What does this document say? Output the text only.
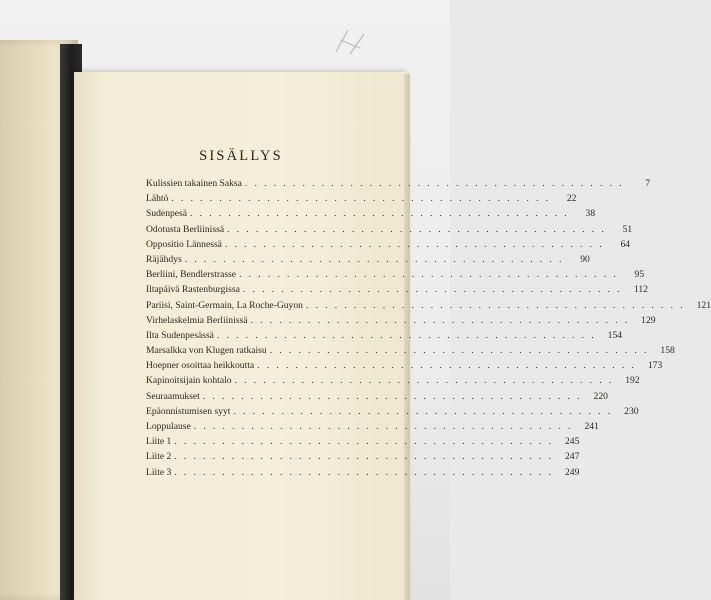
SISÄLLYS
Kulissien takainen Saksa . . . . . . . . . . . . . . . . . . . . . . . . . . . . . . . . . . . . . . . .	7
Lähtö . . . . . . . . . . . . . . . . . . . . . . . . . . . . . . . . . . . . . . . .	22
Sudenpesä . . . . . . . . . . . . . . . . . . . . . . . . . . . . . . . . . . . . . . . .	38
Odotusta Berliinissä . . . . . . . . . . . . . . . . . . . . . . . . . . . . . . . . . . . . . . . .	51
Oppositio Lännessä . . . . . . . . . . . . . . . . . . . . . . . . . . . . . . . . . . . . . . . .	64
Räjähdys . . . . . . . . . . . . . . . . . . . . . . . . . . . . . . . . . . . . . . . .	90
Berliini, Bendlerstrasse . . . . . . . . . . . . . . . . . . . . . . . . . . . . . . . . . . . . . . . .	95
Iltapäivä Rastenburgissa . . . . . . . . . . . . . . . . . . . . . . . . . . . . . . . . . . . . . . . .	112
Pariisi, Saint-Germain, La Roche-Guyon . . . . . . . . . . . . . . . . . . . . . . . . . . . . . . . . . . . . . . . .	121
Virhelaskelmia Berliinissä . . . . . . . . . . . . . . . . . . . . . . . . . . . . . . . . . . . . . . . .	129
Ilta Sudenpesässä . . . . . . . . . . . . . . . . . . . . . . . . . . . . . . . . . . . . . . . .	154
Marsalkka von Klugen ratkaisu . . . . . . . . . . . . . . . . . . . . . . . . . . . . . . . . . . . . . . . .	158
Hoepner osoittaa heikkoutta . . . . . . . . . . . . . . . . . . . . . . . . . . . . . . . . . . . . . . . .	173
Kapinoitsijain kohtalo . . . . . . . . . . . . . . . . . . . . . . . . . . . . . . . . . . . . . . . .	192
Seuraamukset . . . . . . . . . . . . . . . . . . . . . . . . . . . . . . . . . . . . . . . .	220
Epäonnistumisen syyt . . . . . . . . . . . . . . . . . . . . . . . . . . . . . . . . . . . . . . . .	230
Loppulause . . . . . . . . . . . . . . . . . . . . . . . . . . . . . . . . . . . . . . . .	241
Liite 1 . . . . . . . . . . . . . . . . . . . . . . . . . . . . . . . . . . . . . . . .	245
Liite 2 . . . . . . . . . . . . . . . . . . . . . . . . . . . . . . . . . . . . . . . .	247
Liite 3 . . . . . . . . . . . . . . . . . . . . . . . . . . . . . . . . . . . . . . . .	249
